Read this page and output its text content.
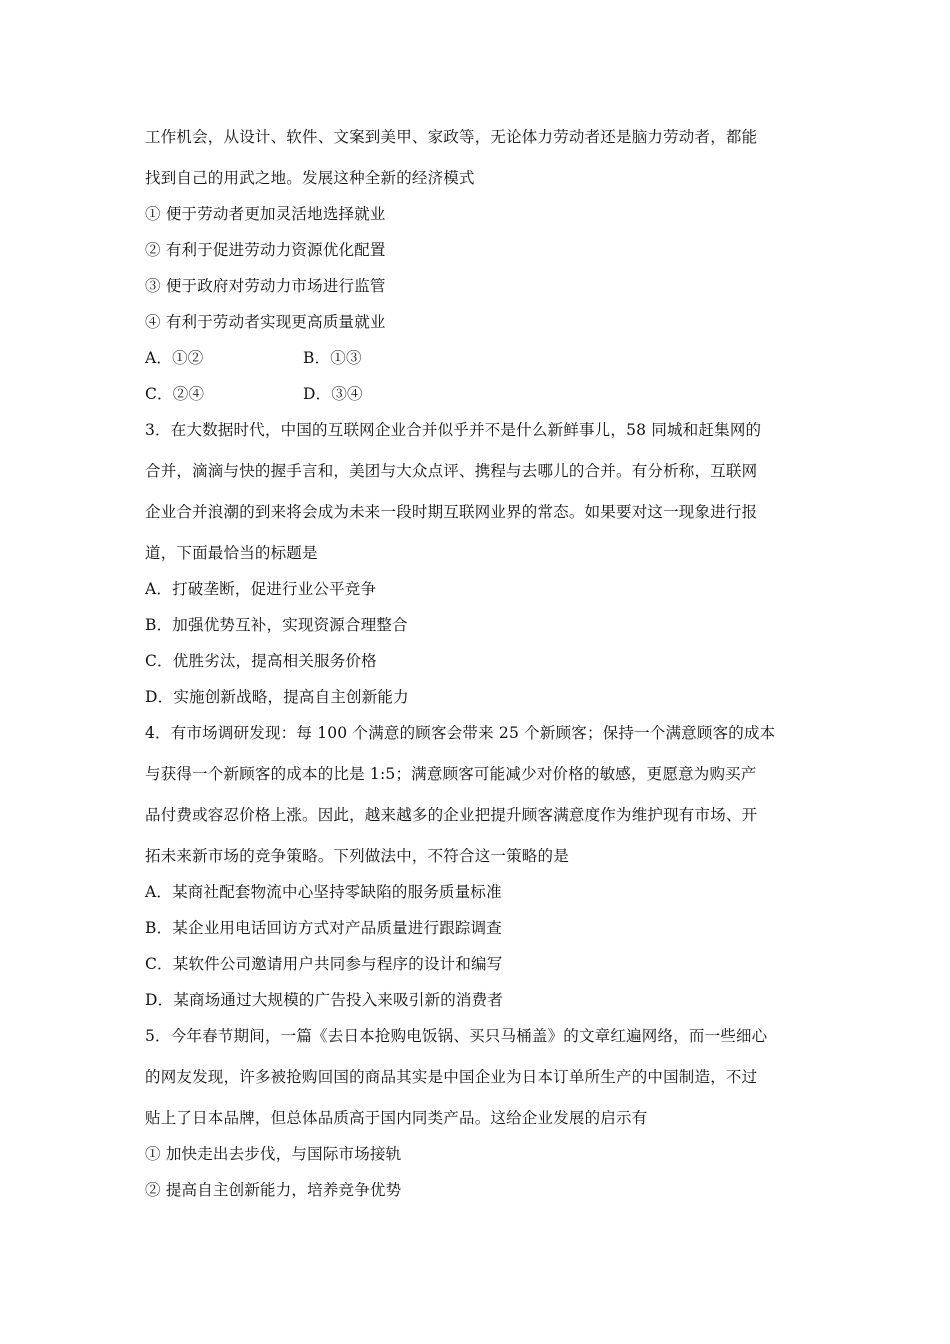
工作机会，从设计、软件、文案到美甲、家政等，无论体力劳动者还是脑力劳动者，都能
找到自己的用武之地。发展这种全新的经济模式
① 便于劳动者更加灵活地选择就业
② 有利于促进劳动力资源优化配置
③ 便于政府对劳动力市场进行监管
④ 有利于劳动者实现更高质量就业
A．①②	B．①③
C．②④	D．③④
3．在大数据时代，中国的互联网企业合并似乎并不是什么新鲜事儿，58 同城和赶集网的
合并，滴滴与快的握手言和，美团与大众点评、携程与去哪儿的合并。有分析称，互联网
企业合并浪潮的到来将会成为未来一段时期互联网业界的常态。如果要对这一现象进行报
道，下面最恰当的标题是
A．打破垄断，促进行业公平竞争
B．加强优势互补，实现资源合理整合
C．优胜劣汰，提高相关服务价格
D．实施创新战略，提高自主创新能力
4．有市场调研发现：每 100 个满意的顾客会带来 25 个新顾客；保持一个满意顾客的成本
与获得一个新顾客的成本的比是 1:5；满意顾客可能减少对价格的敏感，更愿意为购买产
品付费或容忍价格上涨。因此，越来越多的企业把提升顾客满意度作为维护现有市场、开
拓未来新市场的竞争策略。下列做法中，不符合这一策略的是
A．某商社配套物流中心坚持零缺陷的服务质量标准
B．某企业用电话回访方式对产品质量进行跟踪调查
C．某软件公司邀请用户共同参与程序的设计和编写
D．某商场通过大规模的广告投入来吸引新的消费者
5．今年春节期间，一篇《去日本抢购电饭锅、买只马桶盖》的文章红遍网络，而一些细心
的网友发现，许多被抢购回国的商品其实是中国企业为日本订单所生产的中国制造，不过
贴上了日本品牌，但总体品质高于国内同类产品。这给企业发展的启示有
① 加快走出去步伐，与国际市场接轨
② 提高自主创新能力，培养竞争优势
